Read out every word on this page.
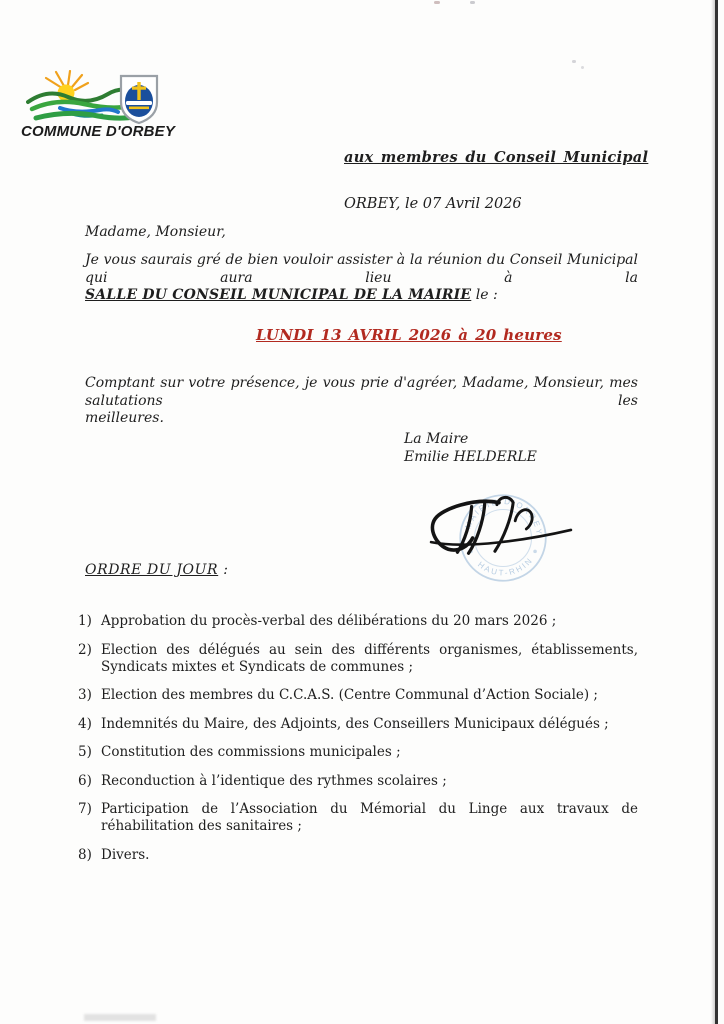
COMMUNE D'ORBEY
aux membres du Conseil Municipal
ORBEY, le 07 Avril 2026
Madame, Monsieur,
Je vous saurais gré de bien vouloir assister à la réunion du Conseil Municipal qui aura lieu à la
SALLE DU CONSEIL MUNICIPAL DE LA MAIRIE le :
LUNDI 13 AVRIL 2026 à 20 heures
Comptant sur votre présence, je vous prie d'agréer, Madame, Monsieur, mes salutations les
meilleures.
La Maire
Emilie HELDERLE
MAIRIE D'ORBEY
HAUT-RHIN
ORDRE DU JOUR :
1) Approbation du procès-verbal des délibérations du 20 mars 2026 ;
2) Election des délégués au sein des différents organismes, établissements, Syndicats mixtes et Syndicats de communes ;
3) Election des membres du C.C.A.S. (Centre Communal d’Action Sociale) ;
4) Indemnités du Maire, des Adjoints, des Conseillers Municipaux délégués ;
5) Constitution des commissions municipales ;
6) Reconduction à l’identique des rythmes scolaires ;
7) Participation de l’Association du Mémorial du Linge aux travaux de réhabilitation des sanitaires ;
8) Divers.
